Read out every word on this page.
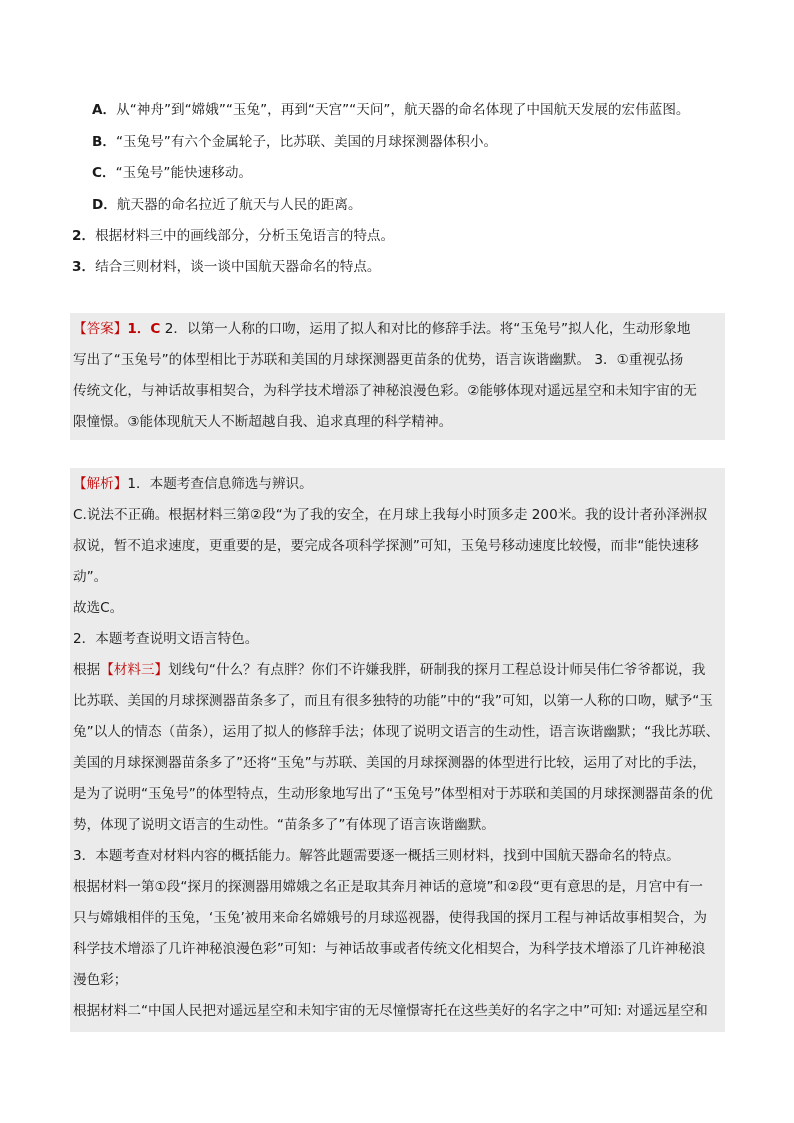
A．从“神舟”到“嫦娥”“玉兔”，再到“天宫”“天问”，航天器的命名体现了中国航天发展的宏伟蓝图。
B．“玉兔号”有六个金属轮子，比苏联、美国的月球探测器体积小。
C．“玉兔号”能快速移动。
D．航天器的命名拉近了航天与人民的距离。
2．根据材料三中的画线部分，分析玉兔语言的特点。
3．结合三则材料，谈一谈中国航天器命名的特点。
【答案】1．C 2．以第一人称的口吻，运用了拟人和对比的修辞手法。将“玉兔号”拟人化，生动形象地
写出了“玉兔号”的体型相比于苏联和美国的月球探测器更苗条的优势，语言诙谐幽默。 3．①重视弘扬
传统文化，与神话故事相契合，为科学技术增添了神秘浪漫色彩。②能够体现对遥远星空和未知宇宙的无
限憧憬。③能体现航天人不断超越自我、追求真理的科学精神。
【解析】1．本题考查信息筛选与辨识。
C.说法不正确。根据材料三第②段“为了我的安全，在月球上我每小时顶多走 200米。我的设计者孙泽洲叔
叔说，暂不追求速度，更重要的是，要完成各项科学探测”可知，玉兔号移动速度比较慢，而非“能快速移
动”。
故选C。
2．本题考查说明文语言特色。
根据【材料三】划线句“什么？有点胖？你们不许嫌我胖，研制我的探月工程总设计师吴伟仁爷爷都说，我
比苏联、美国的月球探测器苗条多了，而且有很多独特的功能”中的“我”可知，以第一人称的口吻，赋予“玉
兔”以人的情态（苗条），运用了拟人的修辞手法；体现了说明文语言的生动性，语言诙谐幽默；“我比苏联、
美国的月球探测器苗条多了”还将“玉兔”与苏联、美国的月球探测器的体型进行比较，运用了对比的手法，
是为了说明“玉兔号”的体型特点，生动形象地写出了“玉兔号”体型相对于苏联和美国的月球探测器苗条的优
势，体现了说明文语言的生动性。“苗条多了”有体现了语言诙谐幽默。
3．本题考查对材料内容的概括能力。解答此题需要逐一概括三则材料，找到中国航天器命名的特点。
根据材料一第①段“探月的探测器用嫦娥之名正是取其奔月神话的意境”和②段“更有意思的是，月宫中有一
只与嫦娥相伴的玉兔，‘玉兔’被用来命名嫦娥号的月球巡视器，使得我国的探月工程与神话故事相契合，为
科学技术增添了几许神秘浪漫色彩”可知：与神话故事或者传统文化相契合，为科学技术增添了几许神秘浪
漫色彩；
根据材料二“中国人民把对遥远星空和未知宇宙的无尽憧憬寄托在这些美好的名字之中”可知: 对遥远星空和
